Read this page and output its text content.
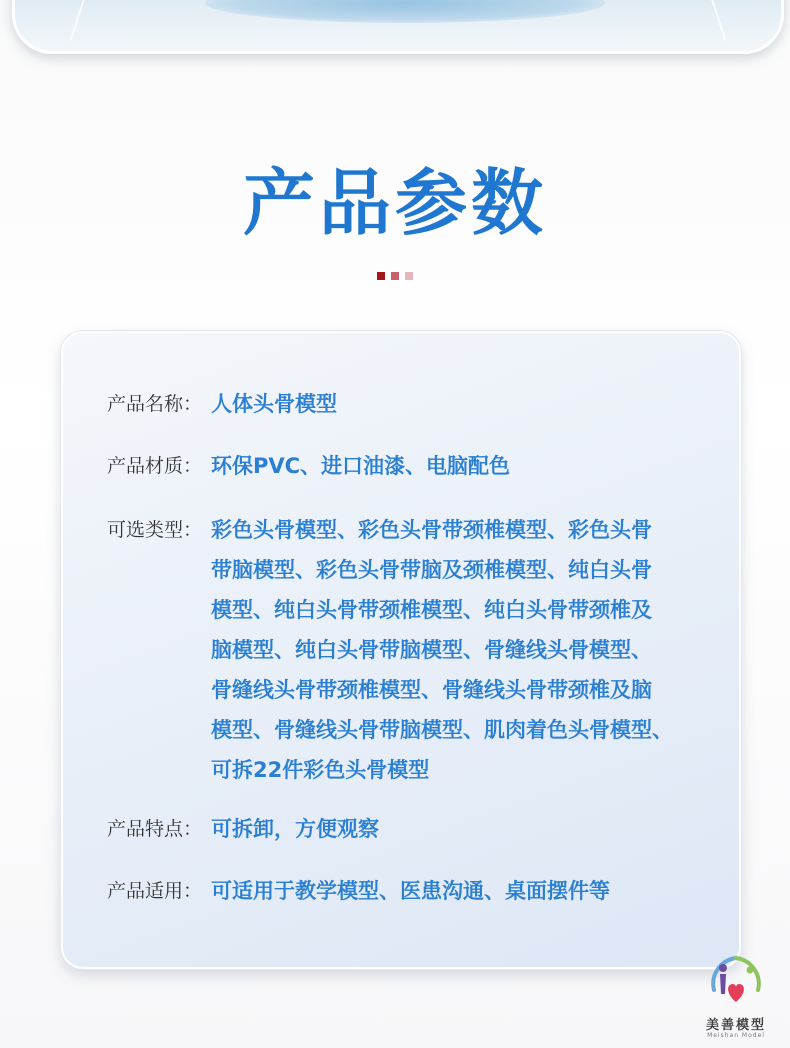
产品参数

产品名称： 人体头骨模型
产品材质： 环保PVC、进口油漆、电脑配色
可选类型： 彩色头骨模型、彩色头骨带颈椎模型、彩色头骨
带脑模型、彩色头骨带脑及颈椎模型、纯白头骨
模型、纯白头骨带颈椎模型、纯白头骨带颈椎及
脑模型、纯白头骨带脑模型、骨缝线头骨模型、
骨缝线头骨带颈椎模型、骨缝线头骨带颈椎及脑
模型、骨缝线头骨带脑模型、肌肉着色头骨模型、
可拆22件彩色头骨模型
产品特点： 可拆卸，方便观察
产品适用： 可适用于教学模型、医患沟通、桌面摆件等
美善模型
Meishan Model
